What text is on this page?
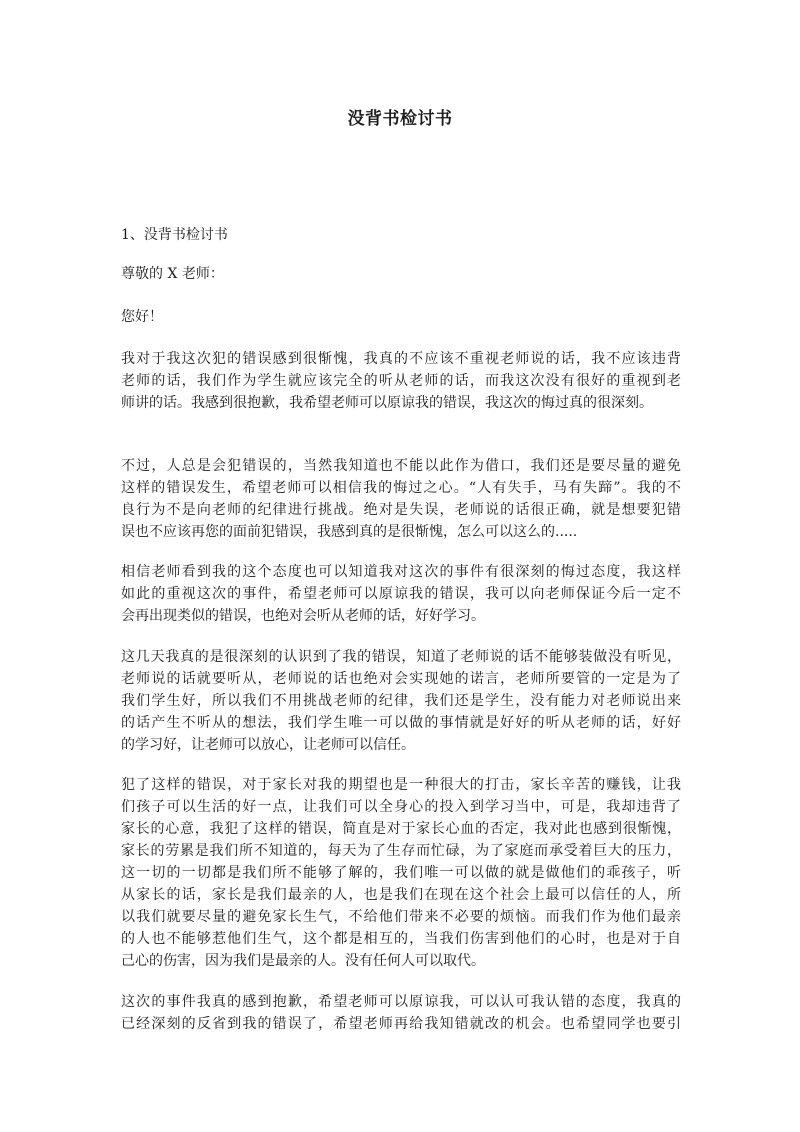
没背书检讨书
1、没背书检讨书
尊敬的 X 老师：
您好！
我对于我这次犯的错误感到很惭愧，我真的不应该不重视老师说的话，我不应该违背
老师的话，我们作为学生就应该完全的听从老师的话，而我这次没有很好的重视到老
师讲的话。我感到很抱歉，我希望老师可以原谅我的错误，我这次的悔过真的很深刻。
不过，人总是会犯错误的，当然我知道也不能以此作为借口，我们还是要尽量的避免
这样的错误发生，希望老师可以相信我的悔过之心。“人有失手，马有失蹄”。我的不
良行为不是向老师的纪律进行挑战。绝对是失误，老师说的话很正确，就是想要犯错
误也不应该再您的面前犯错误，我感到真的是很惭愧，怎么可以这么的.....
相信老师看到我的这个态度也可以知道我对这次的事件有很深刻的悔过态度，我这样
如此的重视这次的事件，希望老师可以原谅我的错误，我可以向老师保证今后一定不
会再出现类似的错误，也绝对会听从老师的话，好好学习。
这几天我真的是很深刻的认识到了我的错误，知道了老师说的话不能够装做没有听见，
老师说的话就要听从，老师说的话也绝对会实现她的诺言，老师所要管的一定是为了
我们学生好，所以我们不用挑战老师的纪律，我们还是学生，没有能力对老师说出来
的话产生不听从的想法，我们学生唯一可以做的事情就是好好的听从老师的话，好好
的学习好，让老师可以放心，让老师可以信任。
犯了这样的错误，对于家长对我的期望也是一种很大的打击，家长辛苦的赚钱，让我
们孩子可以生活的好一点，让我们可以全身心的投入到学习当中，可是，我却违背了
家长的心意，我犯了这样的错误，简直是对于家长心血的否定，我对此也感到很惭愧，
家长的劳累是我们所不知道的，每天为了生存而忙碌，为了家庭而承受着巨大的压力，
这一切的一切都是我们所不能够了解的，我们唯一可以做的就是做他们的乖孩子，听
从家长的话，家长是我们最亲的人，也是我们在现在这个社会上最可以信任的人，所
以我们就要尽量的避免家长生气，不给他们带来不必要的烦恼。而我们作为他们最亲
的人也不能够惹他们生气，这个都是相互的，当我们伤害到他们的心时，也是对于自
己心的伤害，因为我们是最亲的人。没有任何人可以取代。
这次的事件我真的感到抱歉，希望老师可以原谅我，可以认可我认错的态度，我真的
已经深刻的反省到我的错误了，希望老师再给我知错就改的机会。也希望同学也要引
